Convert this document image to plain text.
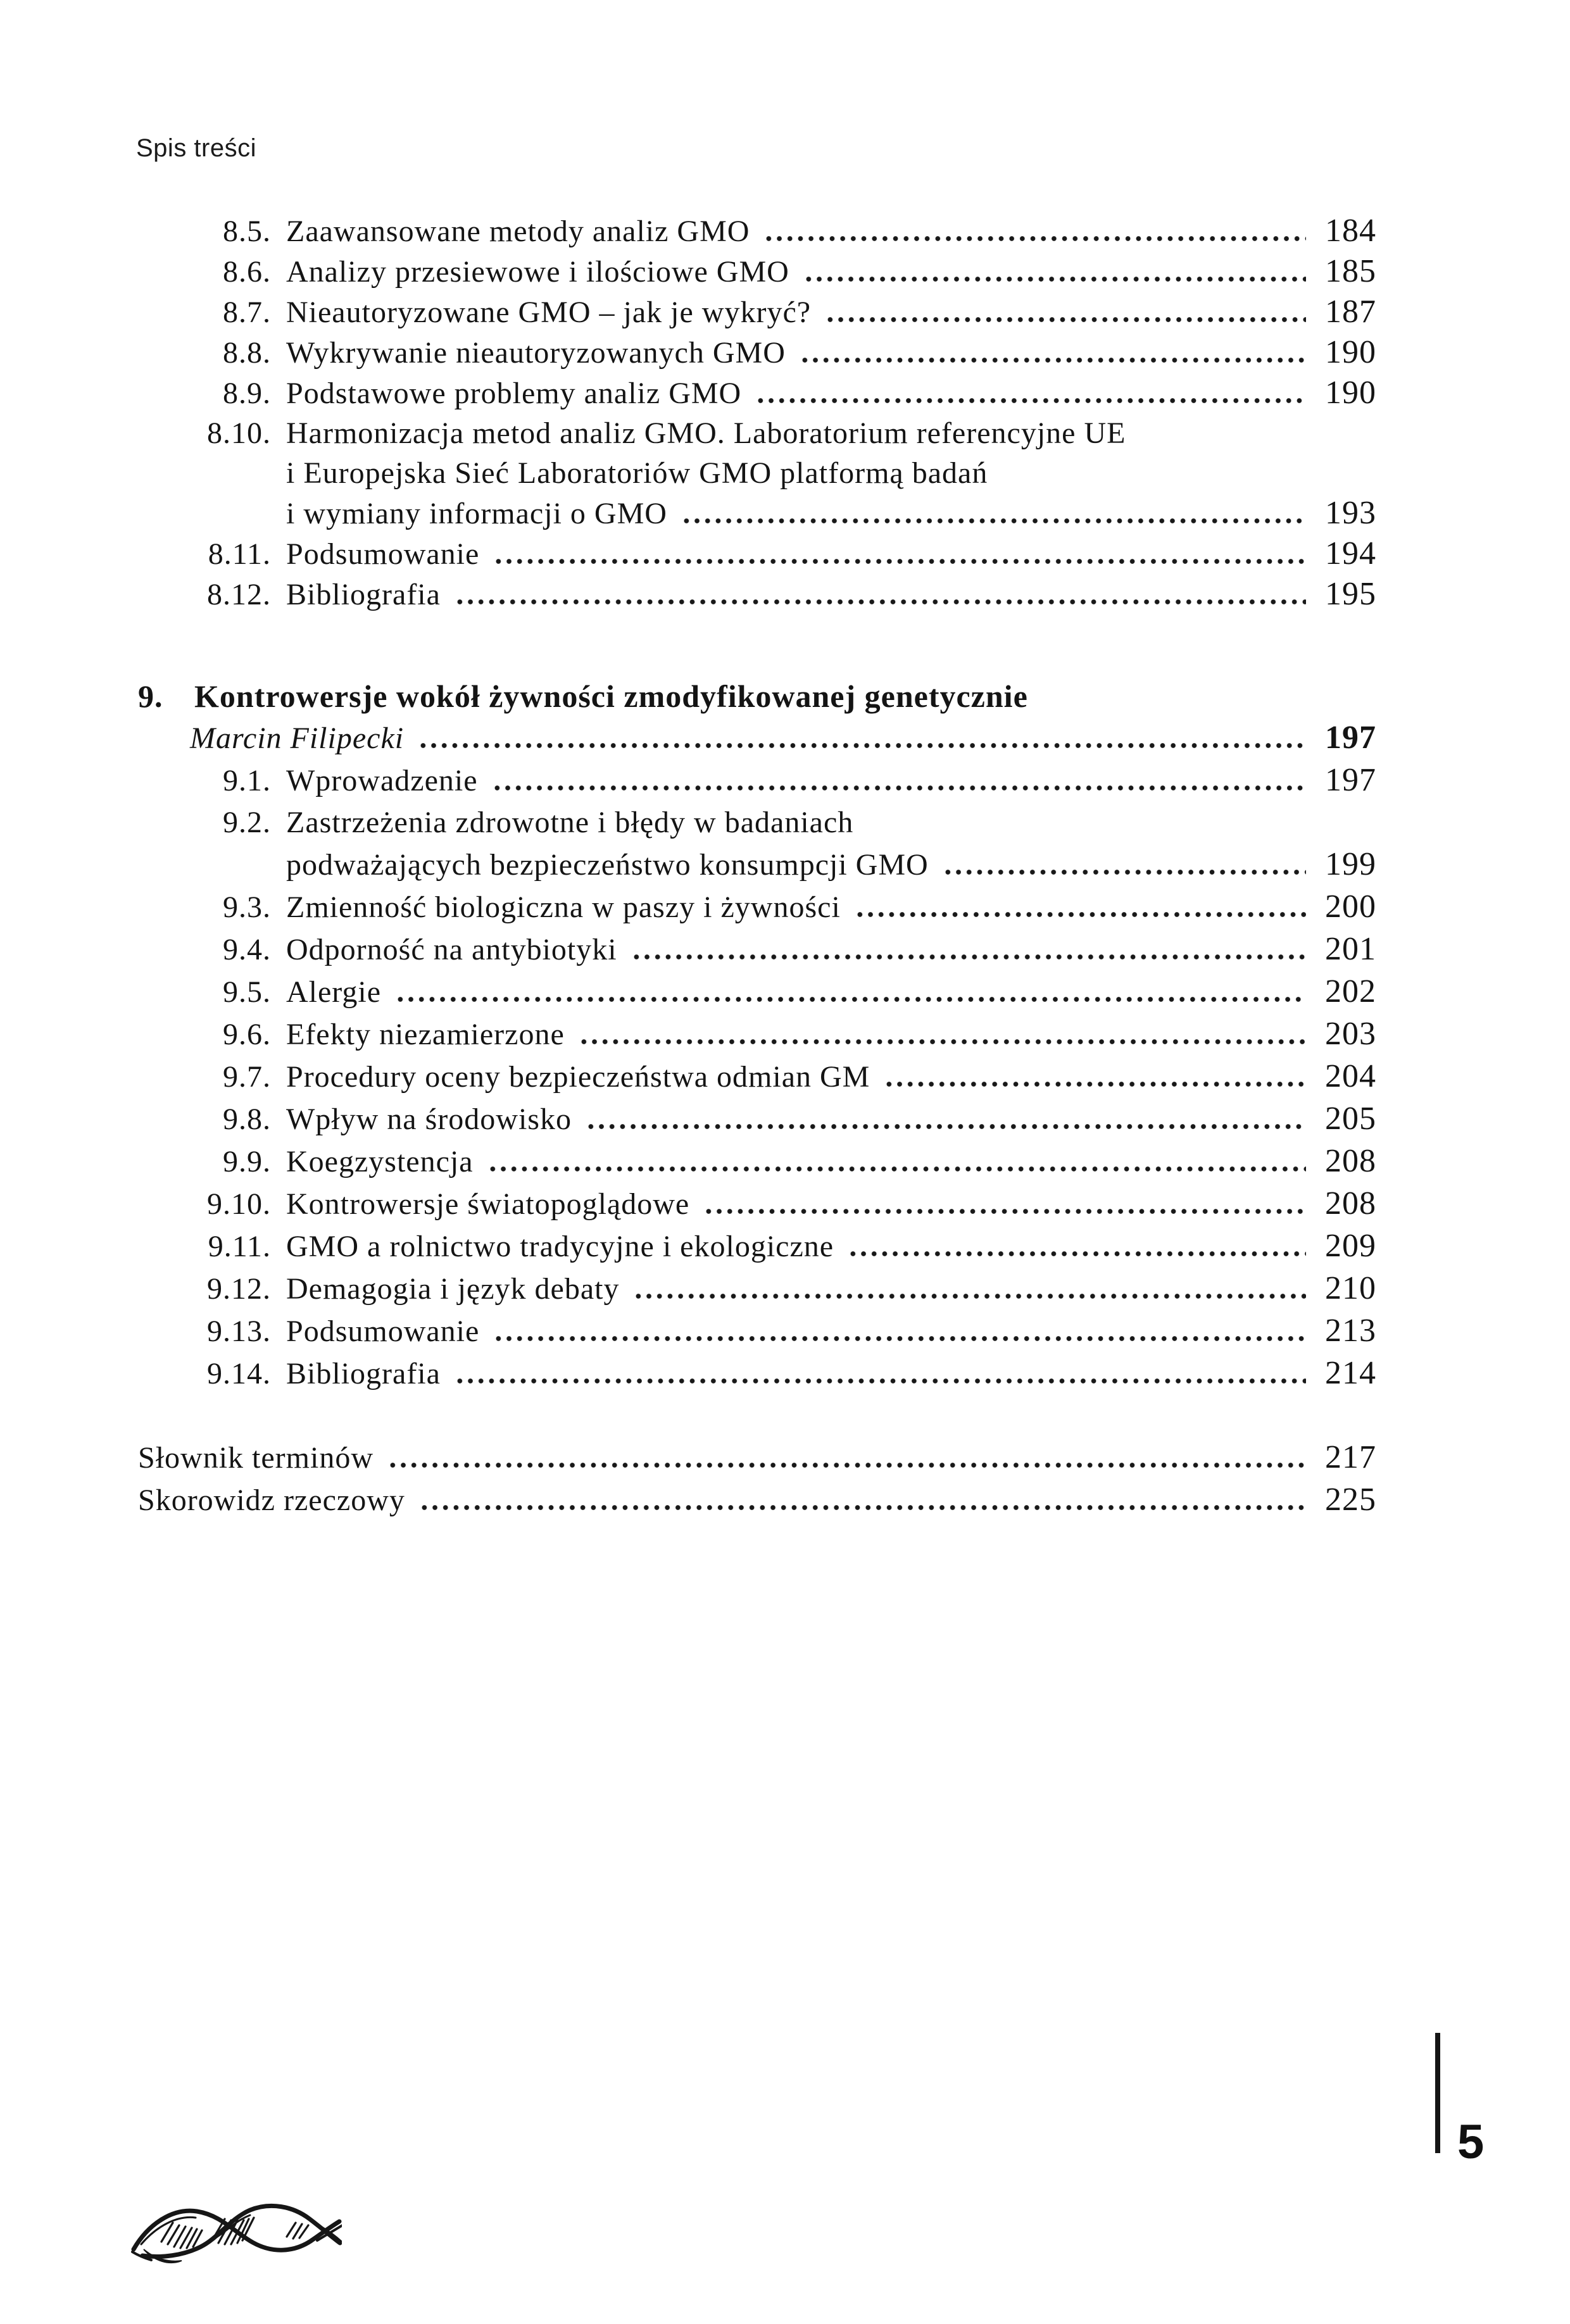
Spis treści
8.5. Zaawansowane metody analiz GMO	184
8.6. Analizy przesiewowe i ilościowe GMO	185
8.7. Nieautoryzowane GMO – jak je wykryć?	187
8.8. Wykrywanie nieautoryzowanych GMO	190
8.9. Podstawowe problemy analiz GMO	190
8.10. Harmonizacja metod analiz GMO. Laboratorium referencyjne UE
i Europejska Sieć Laboratoriów GMO platformą badań
i wymiany informacji o GMO	193
8.11. Podsumowanie	194
8.12. Bibliografia	195
9. Kontrowersje wokół żywności zmodyfikowanej genetycznie
Marcin Filipecki	197
9.1. Wprowadzenie	197
9.2. Zastrzeżenia zdrowotne i błędy w badaniach
podważających bezpieczeństwo konsumpcji GMO	199
9.3. Zmienność biologiczna w paszy i żywności	200
9.4. Odporność na antybiotyki	201
9.5. Alergie	202
9.6. Efekty niezamierzone	203
9.7. Procedury oceny bezpieczeństwa odmian GM	204
9.8. Wpływ na środowisko	205
9.9. Koegzystencja	208
9.10. Kontrowersje światopoglądowe	208
9.11. GMO a rolnictwo tradycyjne i ekologiczne	209
9.12. Demagogia i język debaty	210
9.13. Podsumowanie	213
9.14. Bibliografia	214
Słownik terminów	217
Skorowidz rzeczowy	225
5
